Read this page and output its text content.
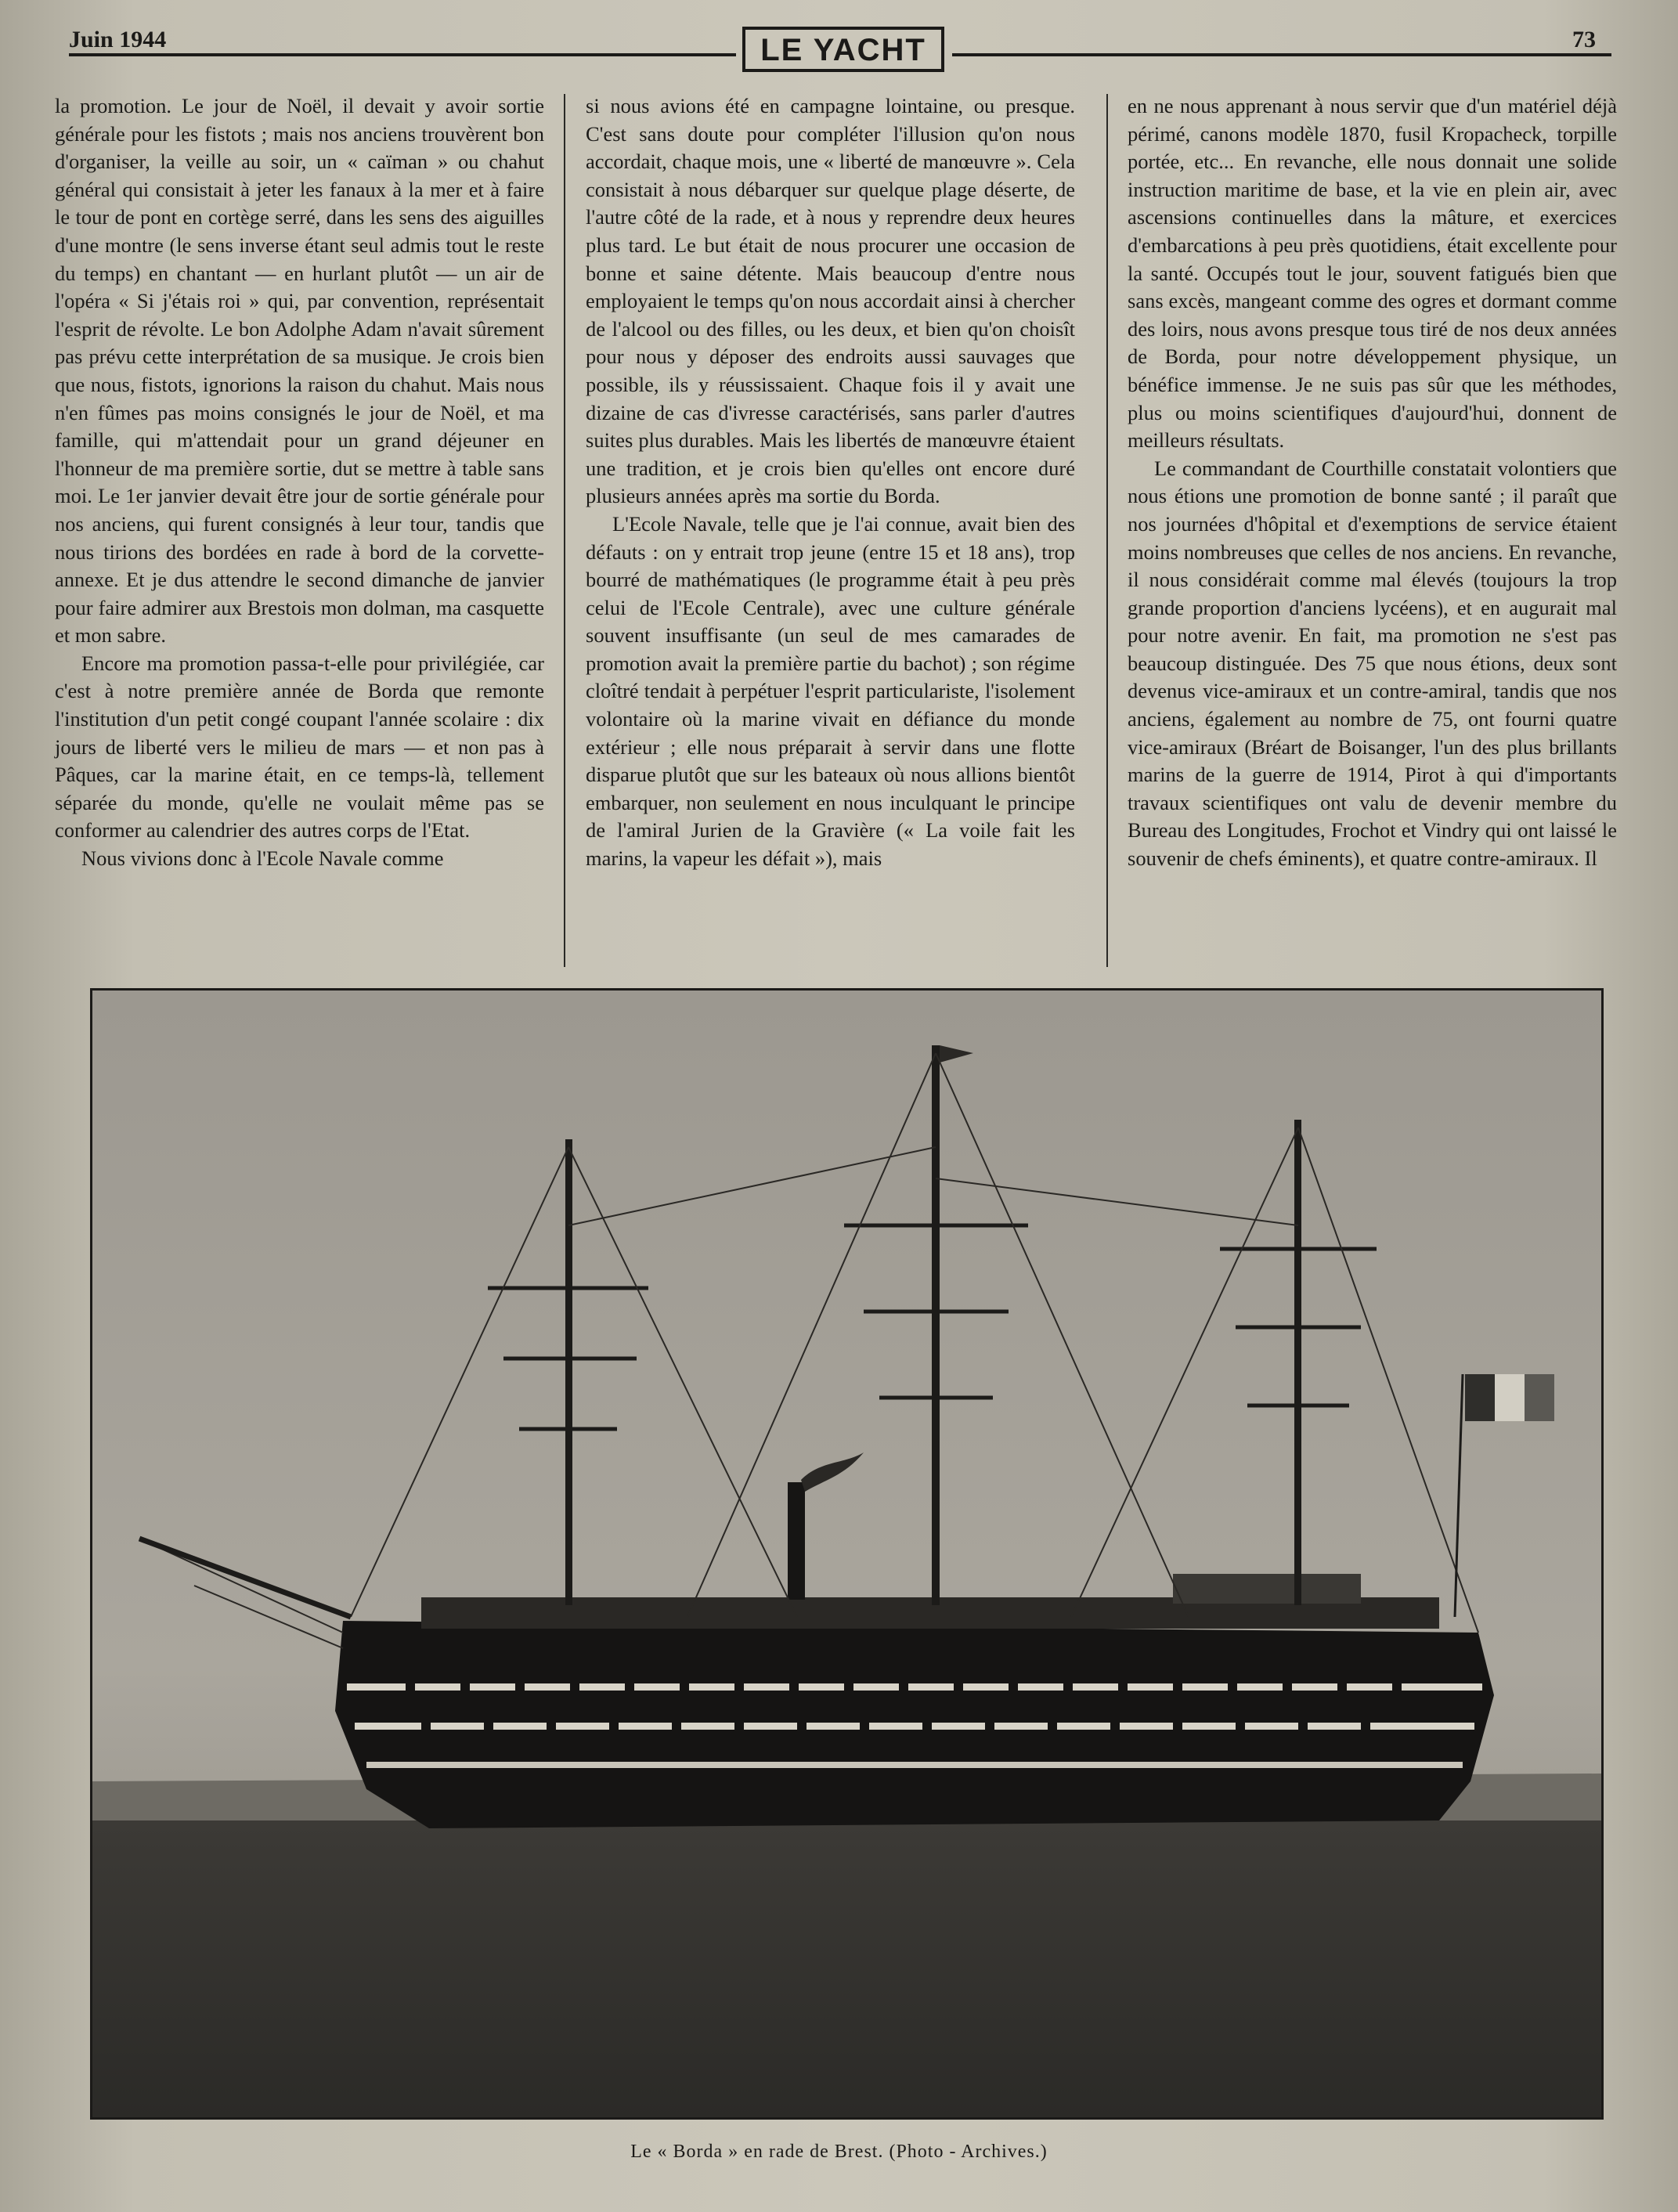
Juin 1944	LE YACHT	73

la promotion. Le jour de Noël, il devait y avoir sortie générale pour les fistots ; mais nos anciens trouvèrent bon d'organiser, la veille au soir, un « caïman » ou chahut général qui consistait à jeter les fanaux à la mer et à faire le tour de pont en cortège serré, dans les sens des aiguilles d'une montre (le sens inverse étant seul admis tout le reste du temps) en chantant — en hurlant plutôt — un air de l'opéra « Si j'étais roi » qui, par convention, représentait l'esprit de révolte. Le bon Adolphe Adam n'avait sûrement pas prévu cette interprétation de sa musique. Je crois bien que nous, fistots, ignorions la raison du chahut. Mais nous n'en fûmes pas moins consignés le jour de Noël, et ma famille, qui m'attendait pour un grand déjeuner en l'honneur de ma première sortie, dut se mettre à table sans moi. Le 1er janvier devait être jour de sortie générale pour nos anciens, qui furent consignés à leur tour, tandis que nous tirions des bordées en rade à bord de la corvette-annexe. Et je dus attendre le second dimanche de janvier pour faire admirer aux Brestois mon dolman, ma casquette et mon sabre.

Encore ma promotion passa-t-elle pour privilégiée, car c'est à notre première année de Borda que remonte l'institution d'un petit congé coupant l'année scolaire : dix jours de liberté vers le milieu de mars — et non pas à Pâques, car la marine était, en ce temps-là, tellement séparée du monde, qu'elle ne voulait même pas se conformer au calendrier des autres corps de l'Etat.

Nous vivions donc à l'Ecole Navale comme

si nous avions été en campagne lointaine, ou presque. C'est sans doute pour compléter l'illusion qu'on nous accordait, chaque mois, une « liberté de manœuvre ». Cela consistait à nous débarquer sur quelque plage déserte, de l'autre côté de la rade, et à nous y reprendre deux heures plus tard. Le but était de nous procurer une occasion de bonne et saine détente. Mais beaucoup d'entre nous employaient le temps qu'on nous accordait ainsi à chercher de l'alcool ou des filles, ou les deux, et bien qu'on choisît pour nous y déposer des endroits aussi sauvages que possible, ils y réussissaient. Chaque fois il y avait une dizaine de cas d'ivresse caractérisés, sans parler d'autres suites plus durables. Mais les libertés de manœuvre étaient une tradition, et je crois bien qu'elles ont encore duré plusieurs années après ma sortie du Borda.

L'Ecole Navale, telle que je l'ai connue, avait bien des défauts : on y entrait trop jeune (entre 15 et 18 ans), trop bourré de mathématiques (le programme était à peu près celui de l'Ecole Centrale), avec une culture générale souvent insuffisante (un seul de mes camarades de promotion avait la première partie du bachot) ; son régime cloîtré tendait à perpétuer l'esprit particulariste, l'isolement volontaire où la marine vivait en défiance du monde extérieur ; elle nous préparait à servir dans une flotte disparue plutôt que sur les bateaux où nous allions bientôt embarquer, non seulement en nous inculquant le principe de l'amiral Jurien de la Gravière (« La voile fait les marins, la vapeur les défait »), mais

en ne nous apprenant à nous servir que d'un matériel déjà périmé, canons modèle 1870, fusil Kropacheck, torpille portée, etc... En revanche, elle nous donnait une solide instruction maritime de base, et la vie en plein air, avec ascensions continuelles dans la mâture, et exercices d'embarcations à peu près quotidiens, était excellente pour la santé. Occupés tout le jour, souvent fatigués bien que sans excès, mangeant comme des ogres et dormant comme des loirs, nous avons presque tous tiré de nos deux années de Borda, pour notre développement physique, un bénéfice immense. Je ne suis pas sûr que les méthodes, plus ou moins scientifiques d'aujourd'hui, donnent de meilleurs résultats.

Le commandant de Courthille constatait volontiers que nous étions une promotion de bonne santé ; il paraît que nos journées d'hôpital et d'exemptions de service étaient moins nombreuses que celles de nos anciens. En revanche, il nous considérait comme mal élevés (toujours la trop grande proportion d'anciens lycéens), et en augurait mal pour notre avenir. En fait, ma promotion ne s'est pas beaucoup distinguée. Des 75 que nous étions, deux sont devenus vice-amiraux et un contre-amiral, tandis que nos anciens, également au nombre de 75, ont fourni quatre vice-amiraux (Bréart de Boisanger, l'un des plus brillants marins de la guerre de 1914, Pirot à qui d'importants travaux scientifiques ont valu de devenir membre du Bureau des Longitudes, Frochot et Vindry qui ont laissé le souvenir de chefs éminents), et quatre contre-amiraux. Il

Le « Borda » en rade de Brest. (Photo - Archives.)
